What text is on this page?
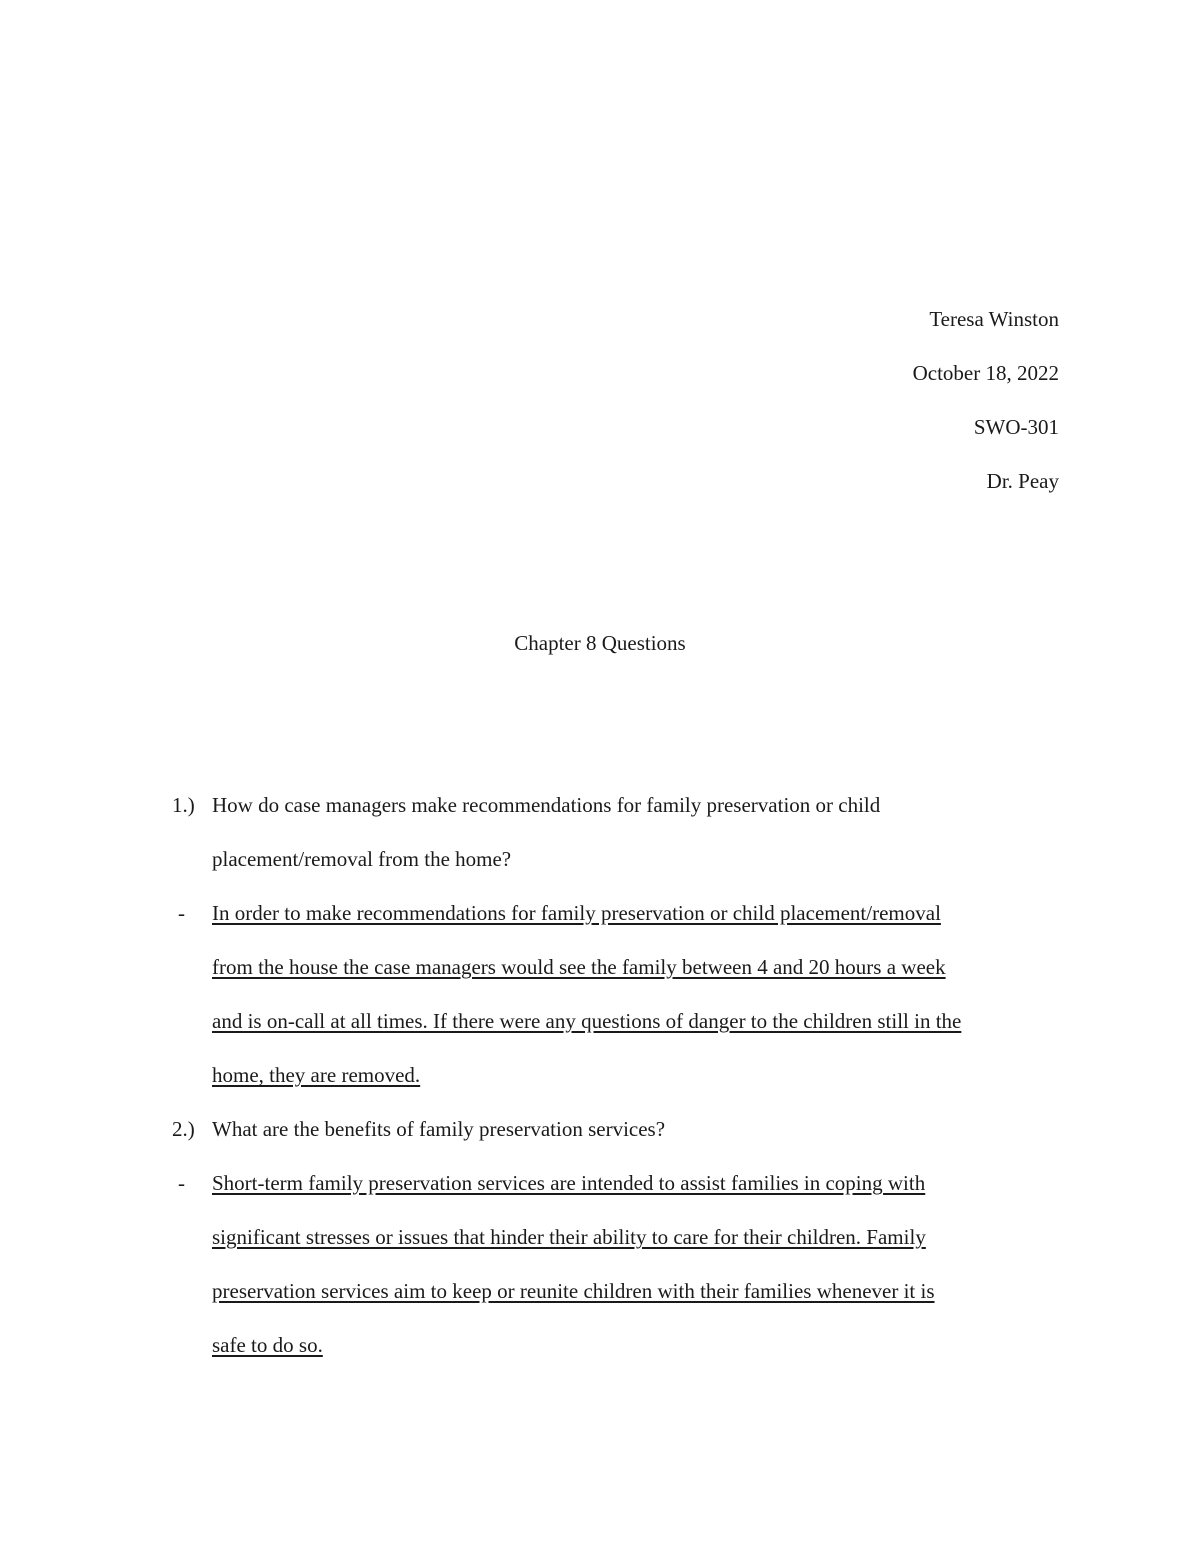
Teresa Winston
October 18, 2022
SWO-301
Dr. Peay
Chapter 8 Questions
1.) How do case managers make recommendations for family preservation or child
placement/removal from the home?
- In order to make recommendations for family preservation or child placement/removal
from the house the case managers would see the family between 4 and 20 hours a week
and is on-call at all times. If there were any questions of danger to the children still in the
home, they are removed.
2.) What are the benefits of family preservation services?
- Short-term family preservation services are intended to assist families in coping with
significant stresses or issues that hinder their ability to care for their children. Family
preservation services aim to keep or reunite children with their families whenever it is
safe to do so.
